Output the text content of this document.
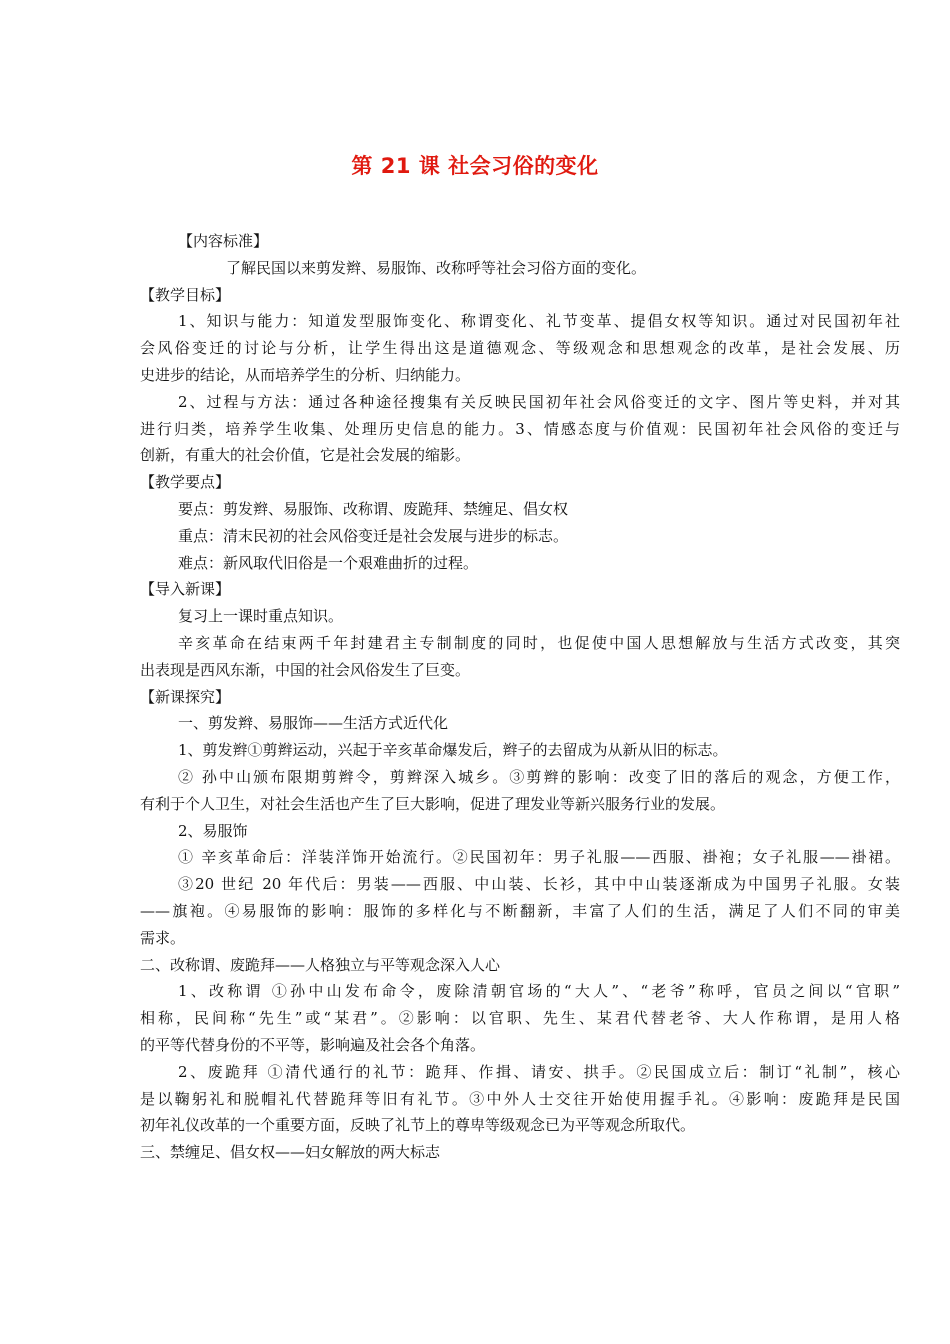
第 21 课 社会习俗的变化

【内容标准】

了解民国以来剪发辫、易服饰、改称呼等社会习俗方面的变化。

【教学目标】

1、知识与能力：知道发型服饰变化、称谓变化、礼节变革、提倡女权等知识。通过对民国初年社

会风俗变迁的讨论与分析，让学生得出这是道德观念、等级观念和思想观念的改革，是社会发展、历

史进步的结论，从而培养学生的分析、归纳能力。

2、过程与方法：通过各种途径搜集有关反映民国初年社会风俗变迁的文字、图片等史料，并对其

进行归类，培养学生收集、处理历史信息的能力。3、情感态度与价值观：民国初年社会风俗的变迁与

创新，有重大的社会价值，它是社会发展的缩影。

【教学要点】

要点：剪发辫、易服饰、改称谓、废跪拜、禁缠足、倡女权

重点：清末民初的社会风俗变迁是社会发展与进步的标志。

难点：新风取代旧俗是一个艰难曲折的过程。

【导入新课】

复习上一课时重点知识。

辛亥革命在结束两千年封建君主专制制度的同时，也促使中国人思想解放与生活方式改变，其突

出表现是西风东渐，中国的社会风俗发生了巨变。

【新课探究】

一、剪发辫、易服饰——生活方式近代化

1、剪发辫①剪辫运动，兴起于辛亥革命爆发后，辫子的去留成为从新从旧的标志。

② 孙中山颁布限期剪辫令，剪辫深入城乡。③剪辫的影响：改变了旧的落后的观念，方便工作，

有利于个人卫生，对社会生活也产生了巨大影响，促进了理发业等新兴服务行业的发展。

2、易服饰

① 辛亥革命后：洋装洋饰开始流行。②民国初年：男子礼服——西服、褂袍；女子礼服——褂裙。

③20 世纪 20 年代后：男装——西服、中山装、长衫，其中中山装逐渐成为中国男子礼服。女装

——旗袍。④易服饰的影响：服饰的多样化与不断翻新，丰富了人们的生活，满足了人们不同的审美

需求。

二、改称谓、废跪拜——人格独立与平等观念深入人心

1、改称谓 ①孙中山发布命令，废除清朝官场的“大人”、“老爷”称呼，官员之间以“官职”

相称，民间称“先生”或“某君”。②影响：以官职、先生、某君代替老爷、大人作称谓，是用人格

的平等代替身份的不平等，影响遍及社会各个角落。

2、废跪拜 ①清代通行的礼节：跪拜、作揖、请安、拱手。②民国成立后：制订“礼制”，核心

是以鞠躬礼和脱帽礼代替跪拜等旧有礼节。③中外人士交往开始使用握手礼。④影响：废跪拜是民国

初年礼仪改革的一个重要方面，反映了礼节上的尊卑等级观念已为平等观念所取代。

三、禁缠足、倡女权——妇女解放的两大标志
